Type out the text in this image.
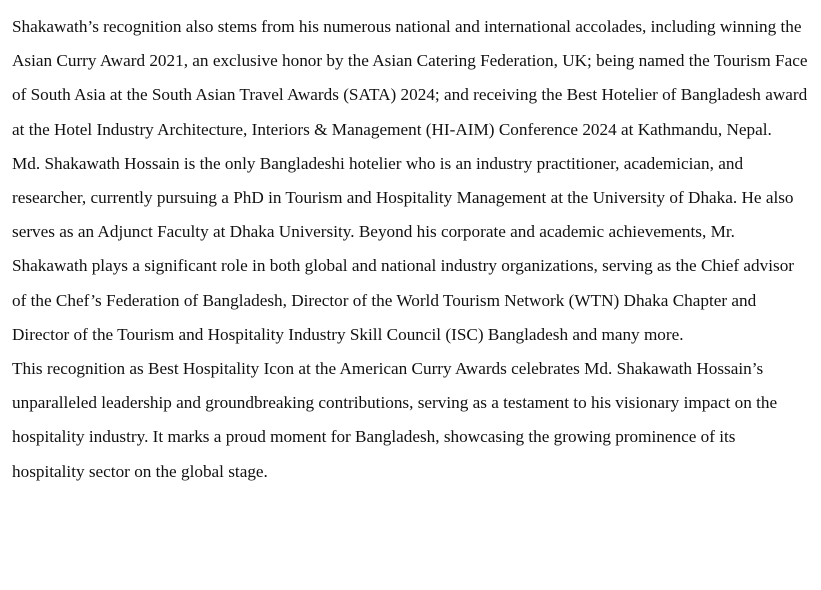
Shakawath’s recognition also stems from his numerous national and international accolades, including winning the Asian Curry Award 2021, an exclusive honor by the Asian Catering Federation, UK; being named the Tourism Face of South Asia at the South Asian Travel Awards (SATA) 2024; and receiving the Best Hotelier of Bangladesh award at the Hotel Industry Architecture, Interiors & Management (HI-AIM) Conference 2024 at Kathmandu, Nepal.

Md. Shakawath Hossain is the only Bangladeshi hotelier who is an industry practitioner, academician, and researcher, currently pursuing a PhD in Tourism and Hospitality Management at the University of Dhaka. He also serves as an Adjunct Faculty at Dhaka University. Beyond his corporate and academic achievements, Mr. Shakawath plays a significant role in both global and national industry organizations, serving as the Chief advisor of the Chef’s Federation of Bangladesh, Director of the World Tourism Network (WTN) Dhaka Chapter and Director of the Tourism and Hospitality Industry Skill Council (ISC) Bangladesh and many more.

This recognition as Best Hospitality Icon at the American Curry Awards celebrates Md. Shakawath Hossain’s unparalleled leadership and groundbreaking contributions, serving as a testament to his visionary impact on the hospitality industry. It marks a proud moment for Bangladesh, showcasing the growing prominence of its hospitality sector on the global stage.
